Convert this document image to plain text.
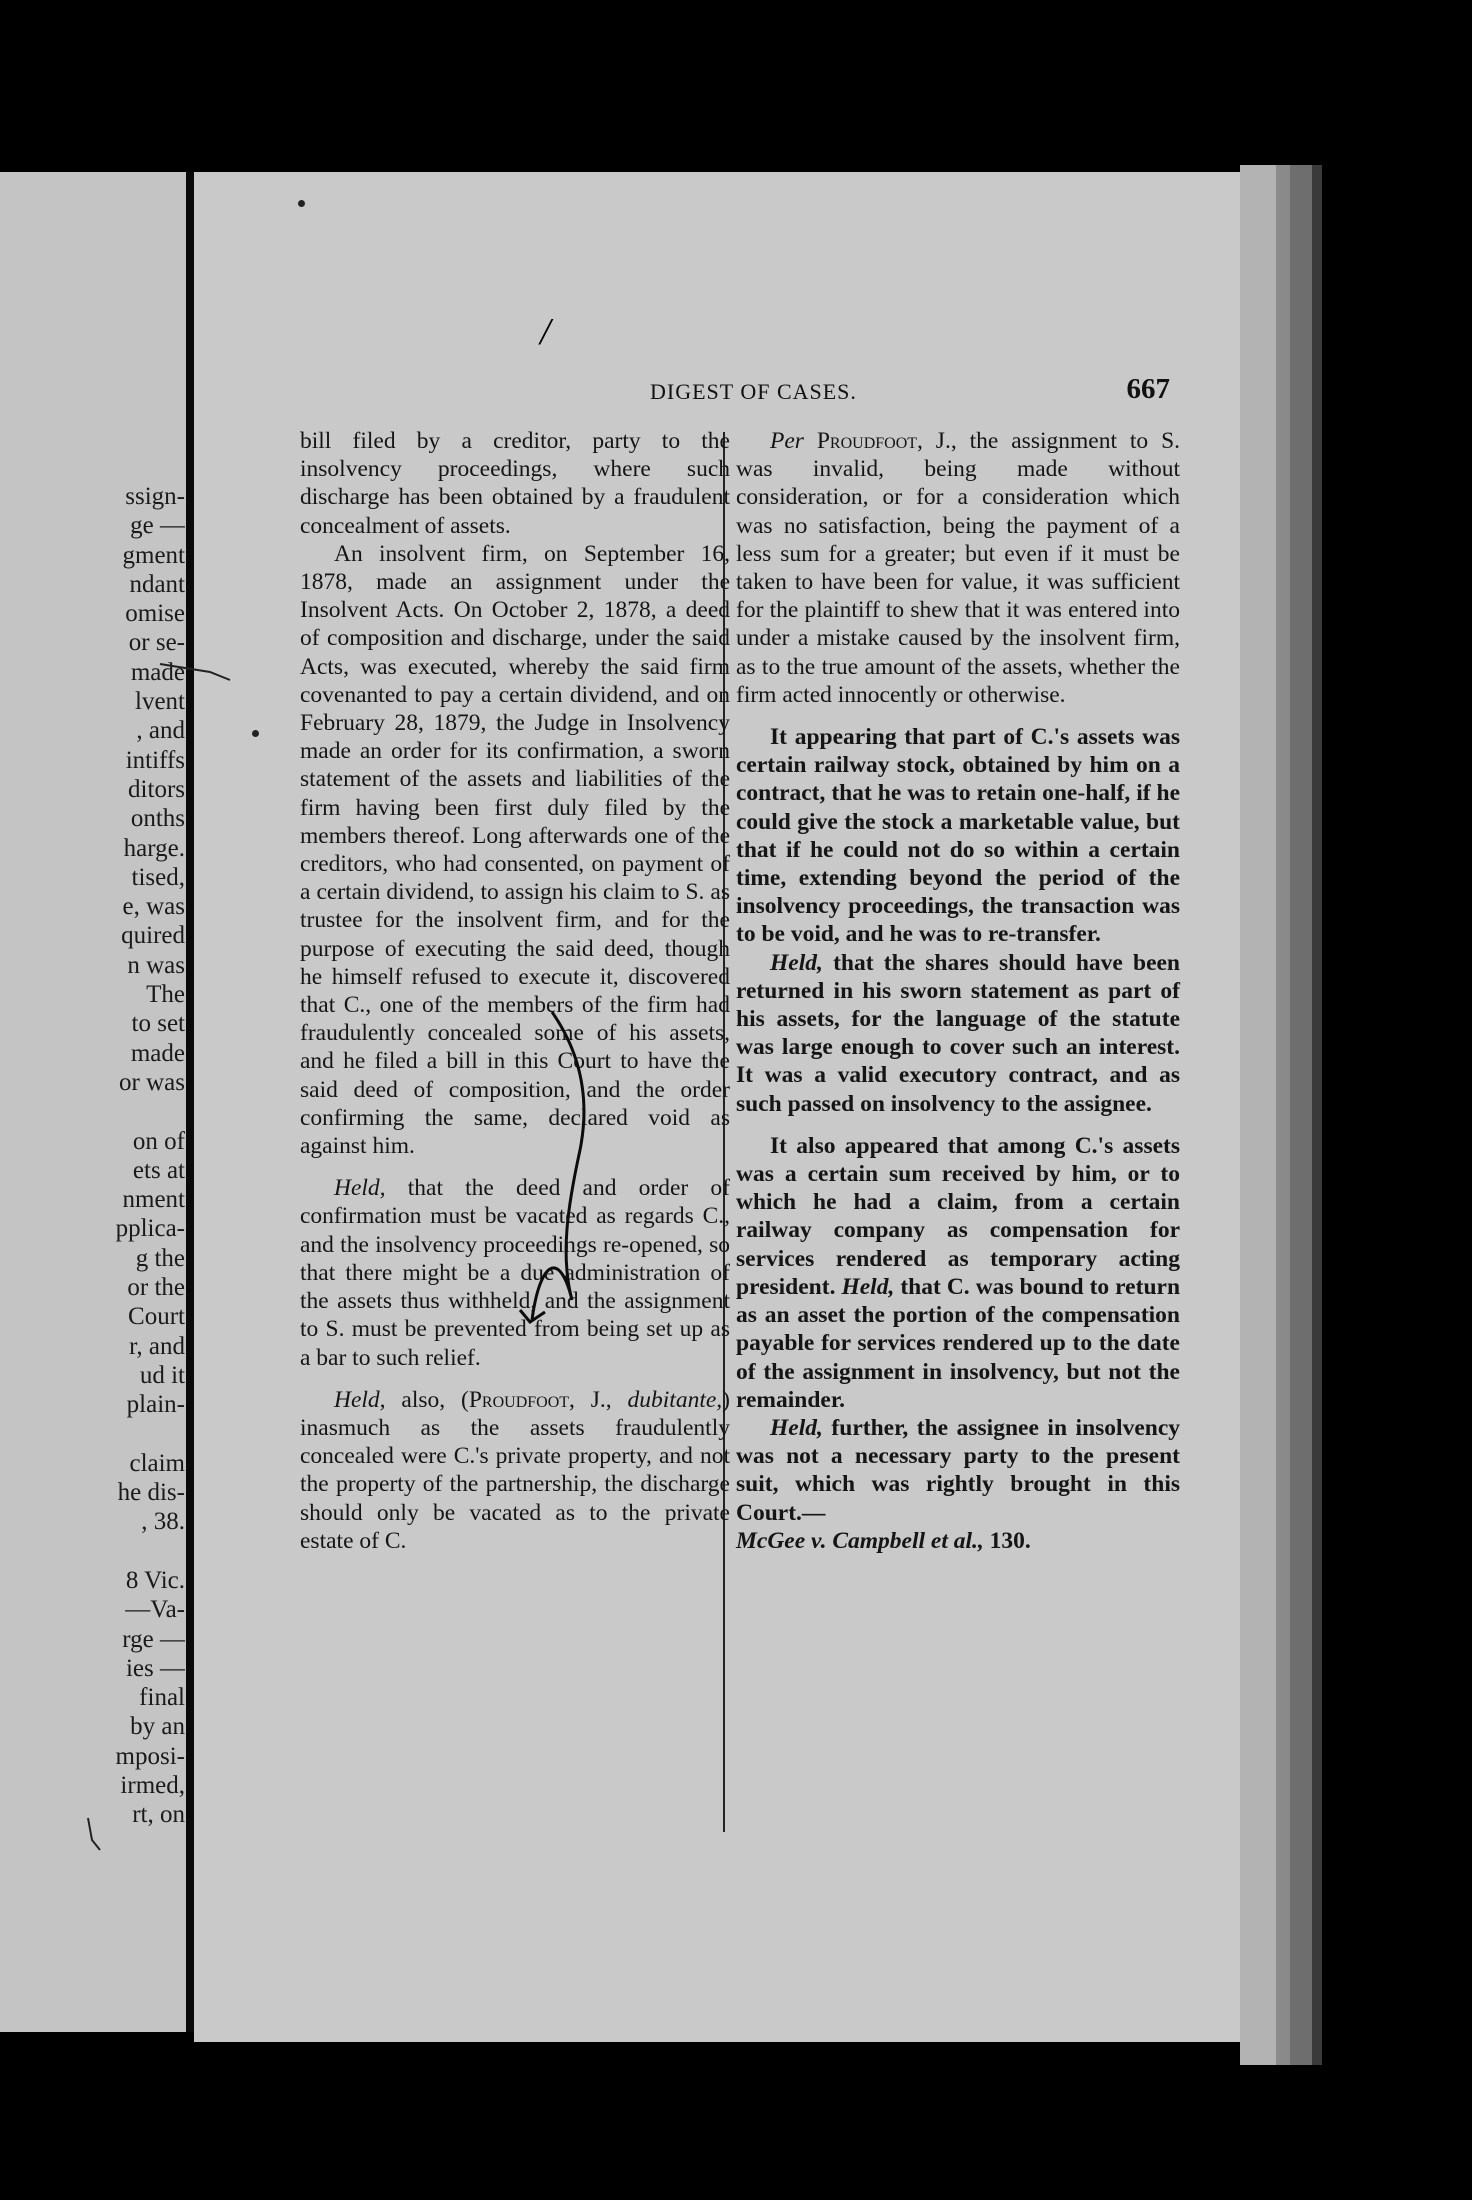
ssign-
ge —
gment
ndant
omise
or se-
made
lvent
, and
intiffs
ditors
onths
harge.
tised,
e, was
quired
n was
The
to set
made
or was

on of
ets at
nment
pplica-
g the
or the
Court
r, and
ud it
plain-

claim
he dis-
, 38.

8 Vic.
—Va-
rge —
ies —
final
by an
mposi-
irmed,
rt, on
/
DIGEST OF CASES.	667

bill filed by a creditor, party to the insolvency proceedings, where such discharge has been obtained by a fraudulent concealment of assets.

An insolvent firm, on September 16, 1878, made an assignment under the Insolvent Acts. On October 2, 1878, a deed of composition and discharge, under the said Acts, was executed, whereby the said firm covenanted to pay a certain dividend, and on February 28, 1879, the Judge in Insolvency made an order for its confirmation, a sworn statement of the assets and liabilities of the firm having been first duly filed by the members thereof. Long afterwards one of the creditors, who had consented, on payment of a certain dividend, to assign his claim to S. as trustee for the insolvent firm, and for the purpose of executing the said deed, though he himself refused to execute it, discovered that C., one of the members of the firm had fraudulently concealed some of his assets, and he filed a bill in this Court to have the said deed of composition, and the order confirming the same, declared void as against him.

Held, that the deed and order of confirmation must be vacated as regards C., and the insolvency proceedings re-opened, so that there might be a due administration of the assets thus withheld, and the assignment to S. must be prevented from being set up as a bar to such relief.

Held, also, (Proudfoot, J., dubitante,) inasmuch as the assets fraudulently concealed were C.'s private property, and not the property of the partnership, the discharge should only be vacated as to the private estate of C.

Per Proudfoot, J., the assignment to S. was invalid, being made without consideration, or for a consideration which was no satisfaction, being the payment of a less sum for a greater; but even if it must be taken to have been for value, it was sufficient for the plaintiff to shew that it was entered into under a mistake caused by the insolvent firm, as to the true amount of the assets, whether the firm acted innocently or otherwise.

It appearing that part of C.'s assets was certain railway stock, obtained by him on a contract, that he was to retain one-half, if he could give the stock a marketable value, but that if he could not do so within a certain time, extending beyond the period of the insolvency proceedings, the transaction was to be void, and he was to re-transfer.

Held, that the shares should have been returned in his sworn statement as part of his assets, for the language of the statute was large enough to cover such an interest. It was a valid executory contract, and as such passed on insolvency to the assignee.

It also appeared that among C.'s assets was a certain sum received by him, or to which he had a claim, from a certain railway company as compensation for services rendered as temporary acting president. Held, that C. was bound to return as an asset the portion of the compensation payable for services rendered up to the date of the assignment in insolvency, but not the remainder.

Held, further, the assignee in insolvency was not a necessary party to the present suit, which was rightly brought in this Court.—
McGee v. Campbell et al., 130.
